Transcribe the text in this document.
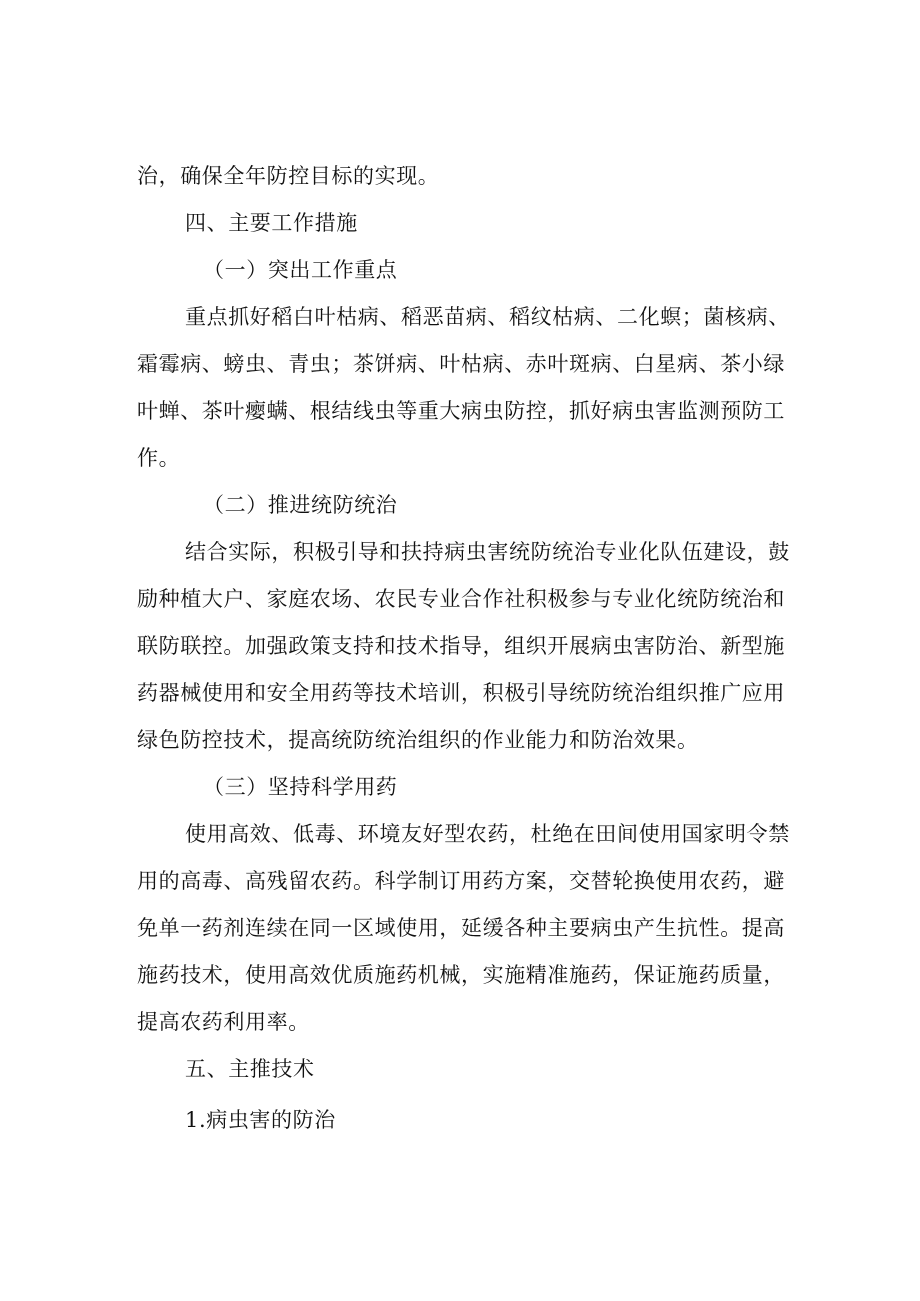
治，确保全年防控目标的实现。
四、主要工作措施
（一）突出工作重点
重点抓好稻白叶枯病、稻恶苗病、稻纹枯病、二化螟；菌核病、
霜霉病、螃虫、青虫；茶饼病、叶枯病、赤叶斑病、白星病、茶小绿
叶蝉、茶叶瘿螨、根结线虫等重大病虫防控，抓好病虫害监测预防工
作。
（二）推进统防统治
结合实际，积极引导和扶持病虫害统防统治专业化队伍建设，鼓
励种植大户、家庭农场、农民专业合作社积极参与专业化统防统治和
联防联控。加强政策支持和技术指导，组织开展病虫害防治、新型施
药器械使用和安全用药等技术培训，积极引导统防统治组织推广应用
绿色防控技术，提高统防统治组织的作业能力和防治效果。
（三）坚持科学用药
使用高效、低毒、环境友好型农药，杜绝在田间使用国家明令禁
用的高毒、高残留农药。科学制订用药方案，交替轮换使用农药，避
免单一药剂连续在同一区域使用，延缓各种主要病虫产生抗性。提高
施药技术，使用高效优质施药机械，实施精准施药，保证施药质量，
提高农药利用率。
五、主推技术
1.病虫害的防治
